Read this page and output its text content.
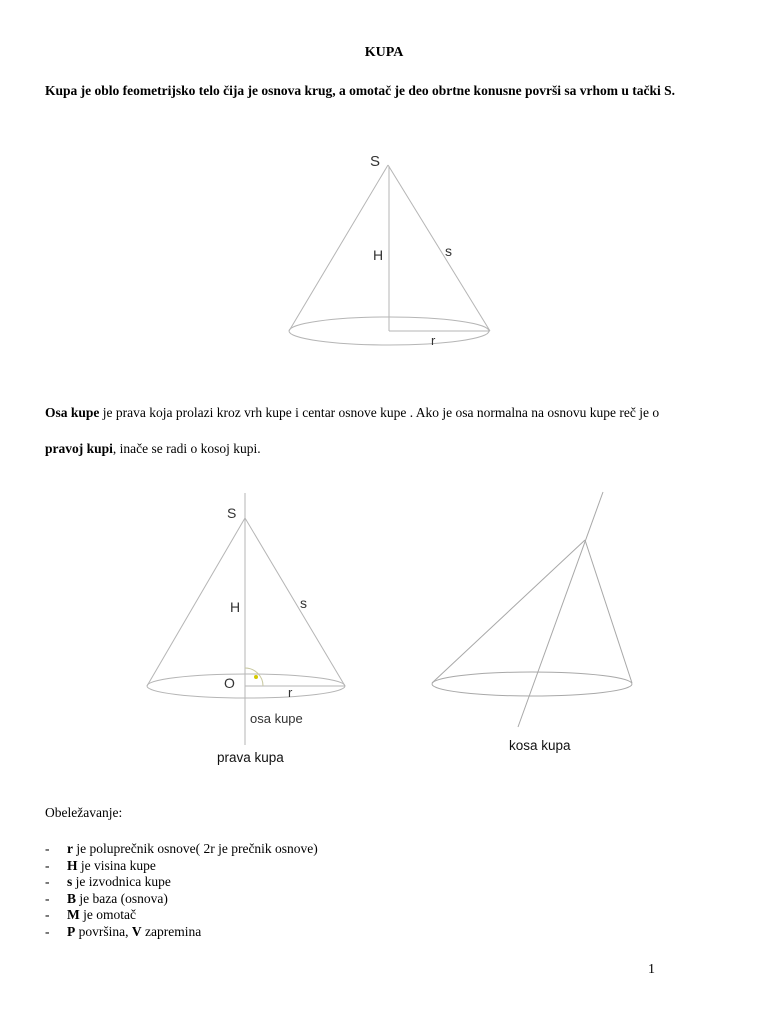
KUPA
Kupa je oblo feometrijsko telo čija je osnova krug, a omotač je deo obrtne konusne površi sa vrhom u tački S.
S
H	s
r
S
H	s
O
r
osa kupe
prava kupa
kosa kupa
Osa kupe je prava koja prolazi kroz vrh kupe i centar osnove kupe . Ako je osa normalna na osnovu kupe reč je o
pravoj kupi, inače se radi o kosoj kupi.
Obeležavanje:
-	r je poluprečnik osnove( 2r je prečnik osnove)
-	H je visina kupe
-	s je izvodnica kupe
-	B je baza (osnova)
-	M je omotač
-	P površina, V zapremina
1
